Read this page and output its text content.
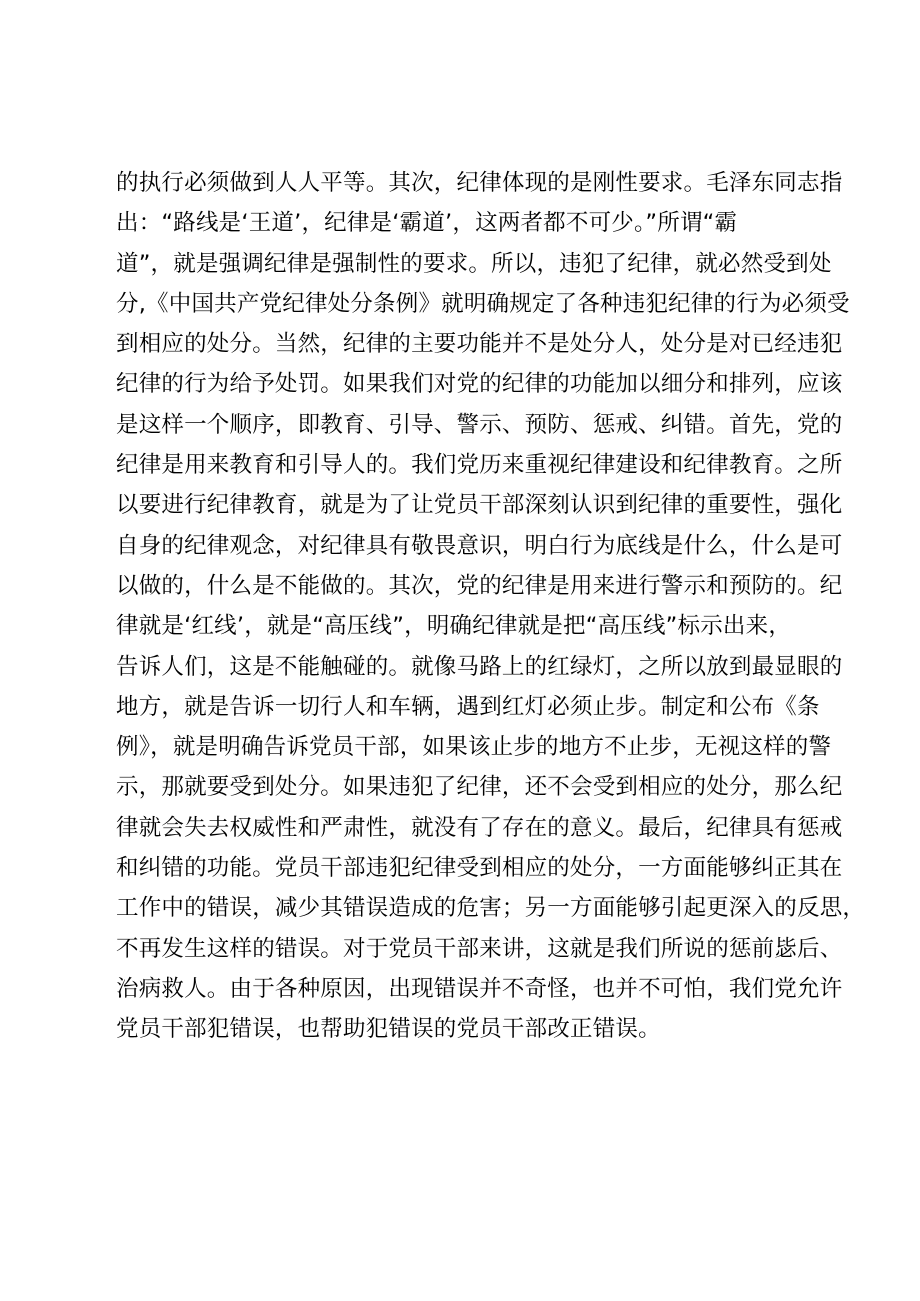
的执行必须做到人人平等。其次，纪律体现的是刚性要求。毛泽东同志指
出：“路线是‘王道’，纪律是‘霸道’，这两者都不可少。”所谓“霸
道”，就是强调纪律是强制性的要求。所以，违犯了纪律，就必然受到处
分,《中国共产党纪律处分条例》就明确规定了各种违犯纪律的行为必须受
到相应的处分。当然，纪律的主要功能并不是处分人，处分是对已经违犯
纪律的行为给予处罚。如果我们对党的纪律的功能加以细分和排列，应该
是这样一个顺序，即教育、引导、警示、预防、惩戒、纠错。首先，党的
纪律是用来教育和引导人的。我们党历来重视纪律建设和纪律教育。之所
以要进行纪律教育，就是为了让党员干部深刻认识到纪律的重要性，强化
自身的纪律观念，对纪律具有敬畏意识，明白行为底线是什么，什么是可
以做的，什么是不能做的。其次，党的纪律是用来进行警示和预防的。纪
律就是‘红线’，就是“高压线”，明确纪律就是把“高压线”标示出来，
告诉人们，这是不能触碰的。就像马路上的红绿灯，之所以放到最显眼的
地方，就是告诉一切行人和车辆，遇到红灯必须止步。制定和公布《条
例》，就是明确告诉党员干部，如果该止步的地方不止步，无视这样的警
示，那就要受到处分。如果违犯了纪律，还不会受到相应的处分，那么纪
律就会失去权威性和严肃性，就没有了存在的意义。最后，纪律具有惩戒
和纠错的功能。党员干部违犯纪律受到相应的处分，一方面能够纠正其在
工作中的错误，减少其错误造成的危害；另一方面能够引起更深入的反思，
不再发生这样的错误。对于党员干部来讲，这就是我们所说的惩前毖后、
治病救人。由于各种原因，出现错误并不奇怪，也并不可怕，我们党允许
党员干部犯错误，也帮助犯错误的党员干部改正错误。
